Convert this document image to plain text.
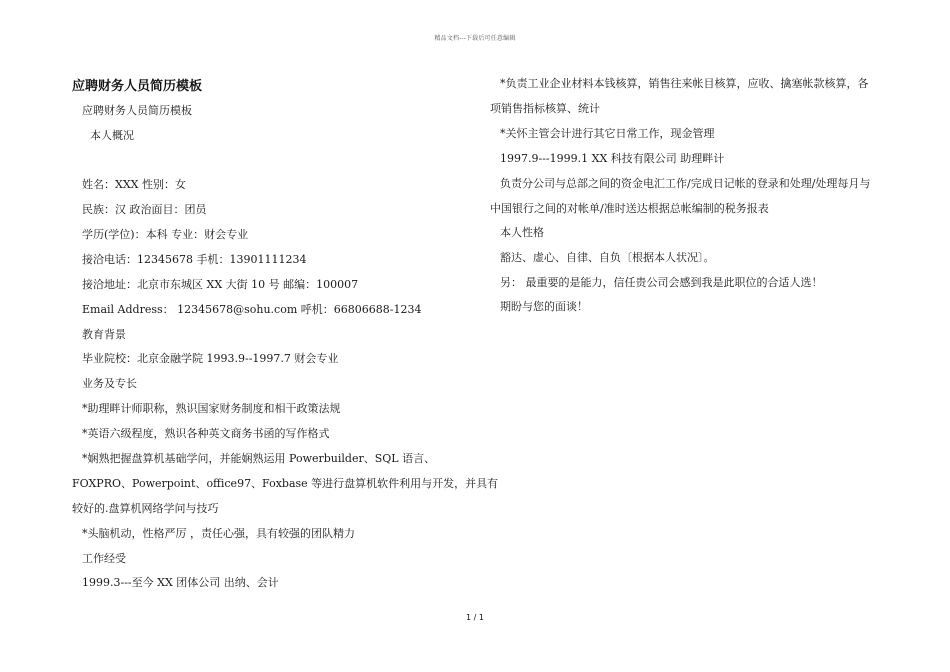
精品文档---下载后可任意编辑
应聘财务人员简历模板
应聘财务人员简历模板
本人概况
姓名：XXX 性别：女
民族：汉 政治面目：团员
学历(学位)：本科 专业：财会专业
接洽电话：12345678 手机：13901111234
接洽地址：北京市东城区 XX 大街 10 号 邮编：100007
Email Address： 12345678@sohu.com 呼机：66806688-1234
教育背景
毕业院校：北京金融学院 1993.9--1997.7 财会专业
业务及专长
*助理畔计师职称，熟识国家财务制度和相干政策法规
*英语六级程度，熟识各种英文商务书函的写作格式
*娴熟把握盘算机基础学问，并能娴熟运用 Powerbuilder、SQL 语言、
FOXPRO、Powerpoint、office97、Foxbase 等进行盘算机软件利用与开发，并具有
较好的.盘算机网络学问与技巧
*头脑机动，性格严厉 ，责任心强，具有较强的团队精力
工作经受
1999.3---至今 XX 团体公司 出纳、会计
*负责工业企业材料本钱核算，销售往来帐目核算，应收、擒塞帐款核算，各
项销售指标核算、统计
*关怀主管会计进行其它日常工作，现金管理
1997.9---1999.1 XX 科技有限公司 助理畔计
负责分公司与总部之间的资金电汇工作/完成日记帐的登录和处理/处理每月与
中国银行之间的对帐单/准时送达根据总帐编制的税务报表
本人性格
豁达、虚心、自律、自负〔根据本人状况〕。
另： 最重要的是能力，信任贵公司会感到我是此职位的合适人选！
期盼与您的面谈！
1 / 1
